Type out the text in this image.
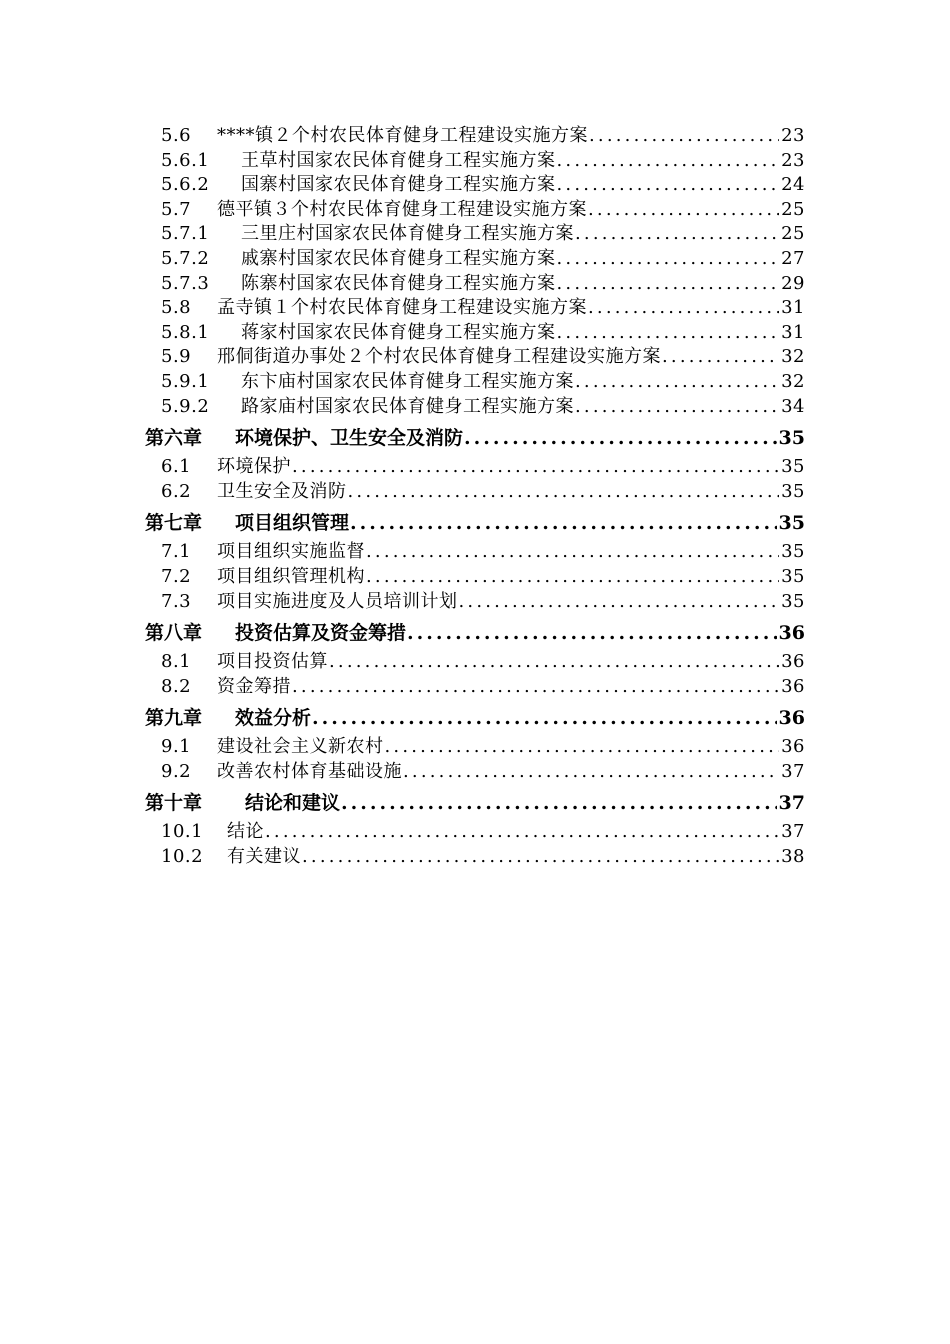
5.6	****镇２个村农民体育健身工程建设实施方案 .....	23
5.6.1	王草村国家农民体育健身工程实施方案 .....	23
5.6.2	国寨村国家农民体育健身工程实施方案 .....	24
5.7	德平镇３个村农民体育健身工程建设实施方案 .....	25
5.7.1	三里庄村国家农民体育健身工程实施方案 .....	25
5.7.2	戚寨村国家农民体育健身工程实施方案 .....	27
5.7.3	陈寨村国家农民体育健身工程实施方案 .....	29
5.8	孟寺镇１个村农民体育健身工程建设实施方案 .....	31
5.8.1	蒋家村国家农民体育健身工程实施方案 .....	31
5.9	邢侗街道办事处２个村农民体育健身工程建设实施方案 .....	32
5.9.1	东卞庙村国家农民体育健身工程实施方案 .....	32
5.9.2	路家庙村国家农民体育健身工程实施方案 .....	34
第六章	环境保护、卫生安全及消防 .....	35
6.1	环境保护 .....	35
6.2	卫生安全及消防 .....	35
第七章	项目组织管理 .....	35
7.1	项目组织实施监督 .....	35
7.2	项目组织管理机构 .....	35
7.3	项目实施进度及人员培训计划 .....	35
第八章	投资估算及资金筹措 .....	36
8.1	项目投资估算 .....	36
8.2	资金筹措 .....	36
第九章	效益分析 .....	36
9.1	建设社会主义新农村 .....	36
9.2	改善农村体育基础设施 .....	37
第十章	结论和建议 .....	37
10.1	结论 .....	37
10.2	有关建议 .....	38
